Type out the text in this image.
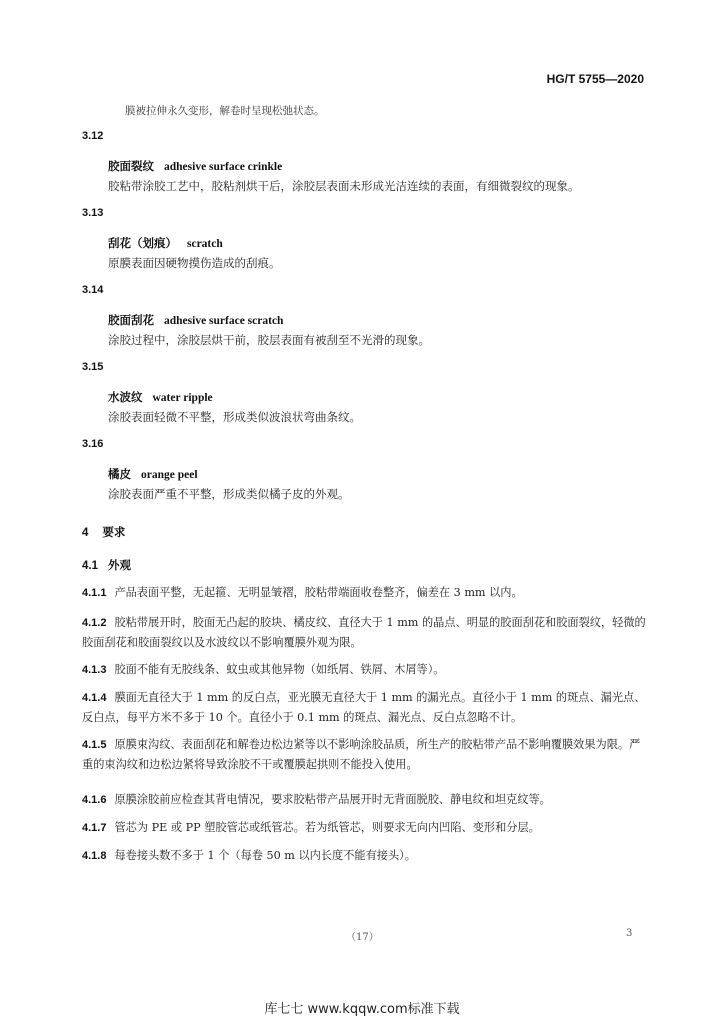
HG/T 5755—2020
膜被拉伸永久变形，解卷时呈现松弛状态。
3.12
胶面裂纹 adhesive surface crinkle
胶粘带涂胶工艺中，胶粘剂烘干后，涂胶层表面未形成光洁连续的表面，有细微裂纹的现象。
3.13
刮花（划痕） scratch
原膜表面因硬物摸伤造成的刮痕。
3.14
胶面刮花 adhesive surface scratch
涂胶过程中，涂胶层烘干前，胶层表面有被刮至不光滑的现象。
3.15
水波纹 water ripple
涂胶表面轻微不平整，形成类似波浪状弯曲条纹。
3.16
橘皮 orange peel
涂胶表面严重不平整，形成类似橘子皮的外观。
4 要求
4.1 外观
4.1.1 产品表面平整，无起箍、无明显皱褶，胶粘带端面收卷整齐，偏差在 3 mm 以内。
4.1.2 胶粘带展开时，胶面无凸起的胶块、橘皮纹、直径大于 1 mm 的晶点、明显的胶面刮花和胶面裂纹，轻微的胶面刮花和胶面裂纹以及水波纹以不影响覆膜外观为限。
4.1.3 胶面不能有无胶线条、蚊虫或其他异物（如纸屑、铁屑、木屑等）。
4.1.4 膜面无直径大于 1 mm 的反白点，亚光膜无直径大于 1 mm 的漏光点。直径小于 1 mm 的斑点、漏光点、反白点，每平方米不多于 10 个。直径小于 0.1 mm 的斑点、漏光点、反白点忽略不计。
4.1.5 原膜束沟纹、表面刮花和解卷边松边紧等以不影响涂胶品质，所生产的胶粘带产品不影响覆膜效果为限。严重的束沟纹和边松边紧将导致涂胶不干或覆膜起拱则不能投入使用。
4.1.6 原膜涂胶前应检查其背电情况，要求胶粘带产品展开时无背面脱胶、静电纹和坦克纹等。
4.1.7 管芯为 PE 或 PP 塑胶管芯或纸管芯。若为纸管芯，则要求无向内凹陷、变形和分层。
4.1.8 每卷接头数不多于 1 个（每卷 50 m 以内长度不能有接头）。
（17）	3
库七七 www.kqqw.com标准下载
